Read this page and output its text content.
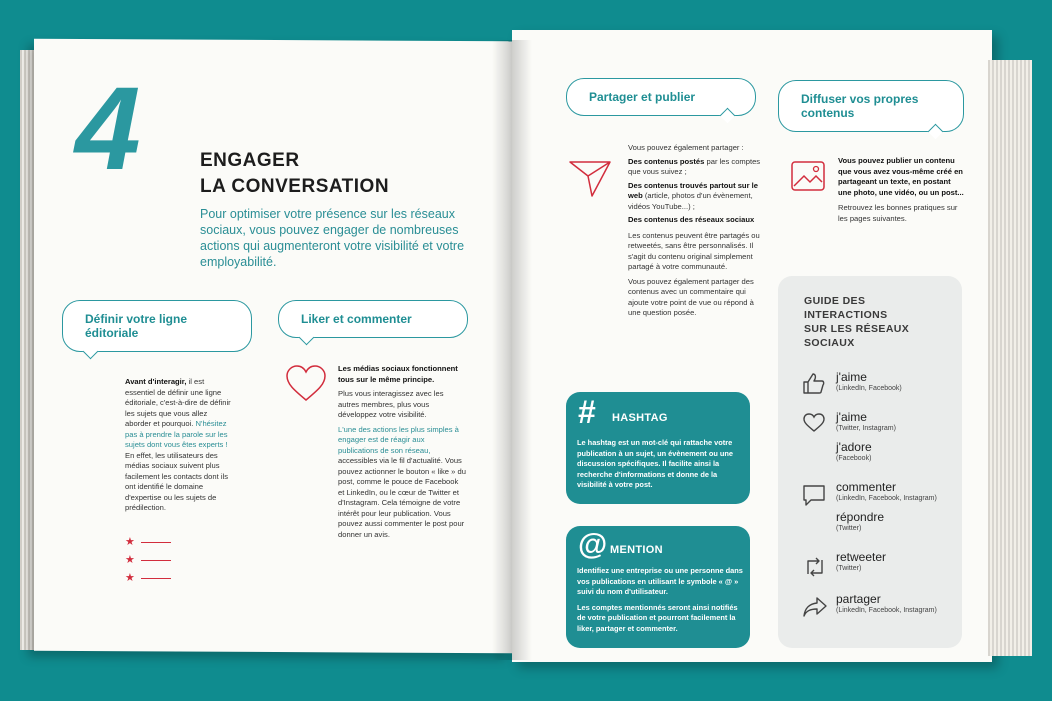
4	ENGAGER
LA CONVERSATION
Pour optimiser votre présence sur les réseaux sociaux, vous pouvez engager de nombreuses actions qui augmenteront votre visibilité et votre employabilité.
Définir votre ligne éditoriale
Liker et commenter
Avant d'interagir, il est essentiel de définir une ligne éditoriale, c'est-à-dire de définir les sujets que vous allez aborder et pourquoi. N'hésitez pas à prendre la parole sur les sujets dont vous êtes experts !
En effet, les utilisateurs des médias sociaux suivent plus facilement les contacts dont ils ont identifié le domaine d'expertise ou les sujets de prédilection.
★
★
★
Les médias sociaux fonctionnent tous sur le même principe.
Plus vous interagissez avec les autres membres, plus vous développez votre visibilité.
L'une des actions les plus simples à engager est de réagir aux publications de son réseau, accessibles via le fil d'actualité. Vous pouvez actionner le bouton « like » du post, comme le pouce de Facebook et LinkedIn, ou le cœur de Twitter et d'Instagram. Cela témoigne de votre intérêt pour leur publication. Vous pouvez aussi commenter le post pour donner un avis.
Partager et publier	Diffuser vos propres contenus
Vous pouvez également partager :
Des contenus postés par les comptes que vous suivez ;
Des contenus trouvés partout sur le web (article, photos d'un évènement, vidéos YouTube...) ;
Des contenus des réseaux sociaux
Les contenus peuvent être partagés ou retweetés, sans être personnalisés. Il s'agit du contenu original simplement partagé à votre communauté.
Vous pouvez également partager des contenus avec un commentaire qui ajoute votre point de vue ou répond à une question posée.
Vous pouvez publier un contenu que vous avez vous-même créé en partageant un texte, en postant une photo, une vidéo, ou un post...
Retrouvez les bonnes pratiques sur les pages suivantes.
# HASHTAG
Le hashtag est un mot-clé qui rattache votre publication à un sujet, un évènement ou une discussion spécifiques. Il facilite ainsi la recherche d'informations et donne de la visibilité à votre post.
@ MENTION
Identifiez une entreprise ou une personne dans vos publications en utilisant le symbole « @ » suivi du nom d'utilisateur.
Les comptes mentionnés seront ainsi notifiés de votre publication et pourront facilement la liker, partager et commenter.
GUIDE DES
INTERACTIONS
SUR LES RÉSEAUX
SOCIAUX
j'aime
(LinkedIn, Facebook)
j'aime
(Twitter, Instagram)
j'adore
(Facebook)
commenter
(LinkedIn, Facebook, Instagram)
répondre
(Twitter)
retweeter
(Twitter)
partager
(LinkedIn, Facebook, Instagram)
